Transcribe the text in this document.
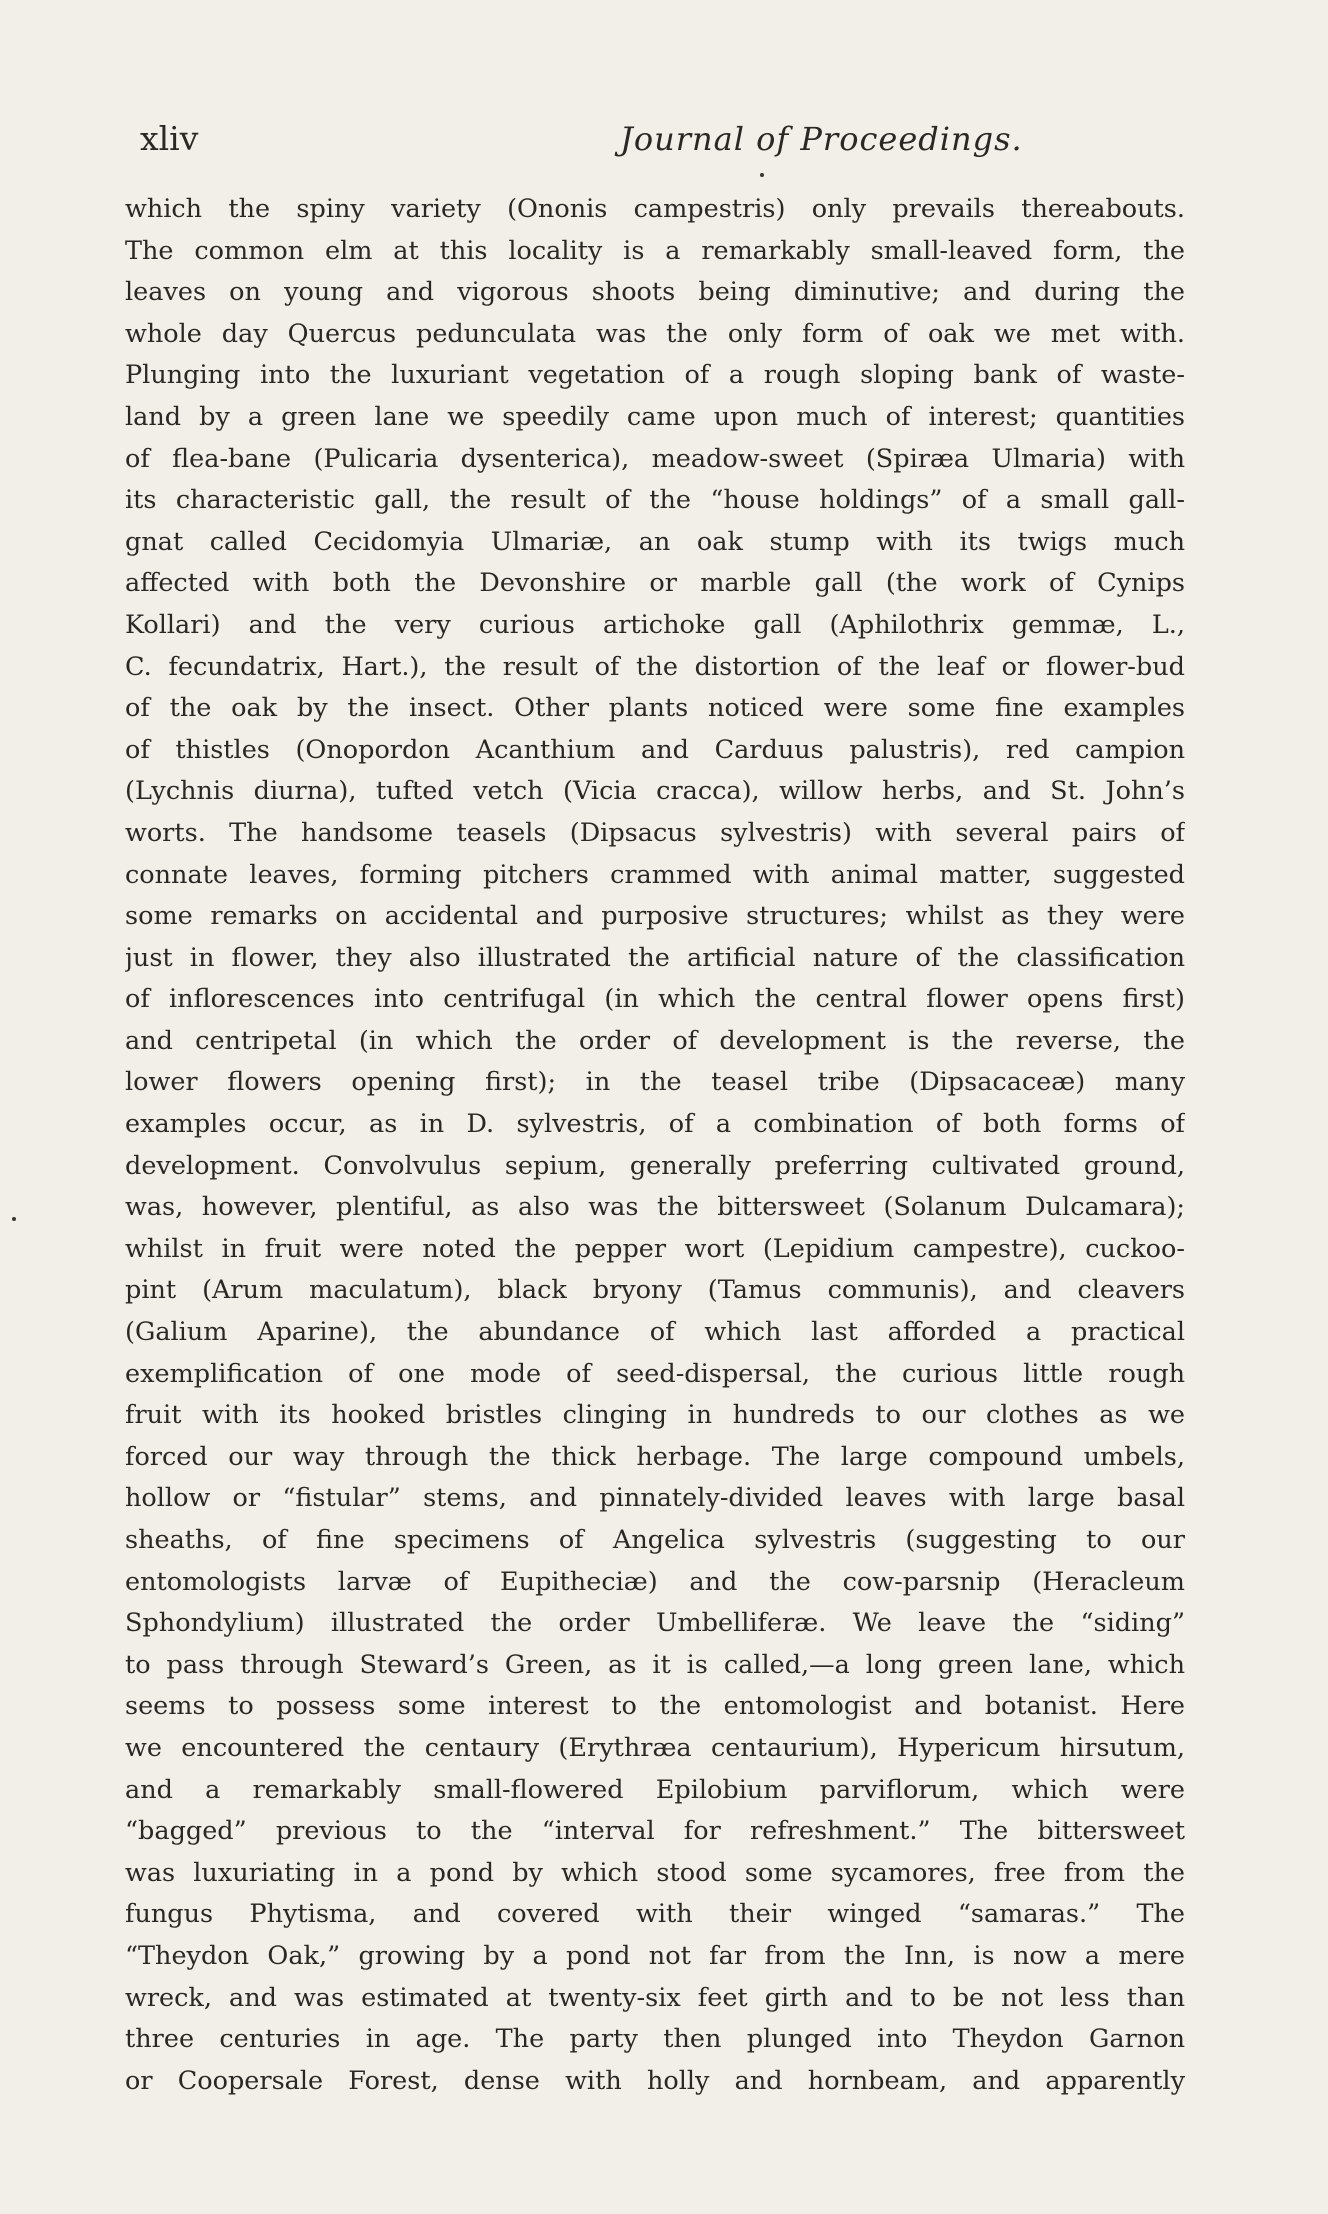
xliv	Journal of Proceedings.
which the spiny variety (Ononis campestris) only prevails thereabouts.
The common elm at this locality is a remarkably small-leaved form, the
leaves on young and vigorous shoots being diminutive; and during the
whole day Quercus pedunculata was the only form of oak we met with.
Plunging into the luxuriant vegetation of a rough sloping bank of waste-
land by a green lane we speedily came upon much of interest; quantities
of flea-bane (Pulicaria dysenterica), meadow-sweet (Spiræa Ulmaria) with
its characteristic gall, the result of the “house holdings” of a small gall-
gnat called Cecidomyia Ulmariæ, an oak stump with its twigs much
affected with both the Devonshire or marble gall (the work of Cynips
Kollari) and the very curious artichoke gall (Aphilothrix gemmæ, L.,
C. fecundatrix, Hart.), the result of the distortion of the leaf or flower-bud
of the oak by the insect. Other plants noticed were some fine examples
of thistles (Onopordon Acanthium and Carduus palustris), red campion
(Lychnis diurna), tufted vetch (Vicia cracca), willow herbs, and St. John’s
worts. The handsome teasels (Dipsacus sylvestris) with several pairs of
connate leaves, forming pitchers crammed with animal matter, suggested
some remarks on accidental and purposive structures; whilst as they were
just in flower, they also illustrated the artificial nature of the classification
of inflorescences into centrifugal (in which the central flower opens first)
and centripetal (in which the order of development is the reverse, the
lower flowers opening first); in the teasel tribe (Dipsacaceæ) many
examples occur, as in D. sylvestris, of a combination of both forms of
development. Convolvulus sepium, generally preferring cultivated ground,
was, however, plentiful, as also was the bittersweet (Solanum Dulcamara);
whilst in fruit were noted the pepper wort (Lepidium campestre), cuckoo-
pint (Arum maculatum), black bryony (Tamus communis), and cleavers
(Galium Aparine), the abundance of which last afforded a practical
exemplification of one mode of seed-dispersal, the curious little rough
fruit with its hooked bristles clinging in hundreds to our clothes as we
forced our way through the thick herbage. The large compound umbels,
hollow or “fistular” stems, and pinnately-divided leaves with large basal
sheaths, of fine specimens of Angelica sylvestris (suggesting to our
entomologists larvæ of Eupitheciæ) and the cow-parsnip (Heracleum
Sphondylium) illustrated the order Umbelliferæ. We leave the “siding”
to pass through Steward’s Green, as it is called,—a long green lane, which
seems to possess some interest to the entomologist and botanist. Here
we encountered the centaury (Erythræa centaurium), Hypericum hirsutum,
and a remarkably small-flowered Epilobium parviflorum, which were
“bagged” previous to the “interval for refreshment.” The bittersweet
was luxuriating in a pond by which stood some sycamores, free from the
fungus Phytisma, and covered with their winged “samaras.” The
“Theydon Oak,” growing by a pond not far from the Inn, is now a mere
wreck, and was estimated at twenty-six feet girth and to be not less than
three centuries in age. The party then plunged into Theydon Garnon
or Coopersale Forest, dense with holly and hornbeam, and apparently
